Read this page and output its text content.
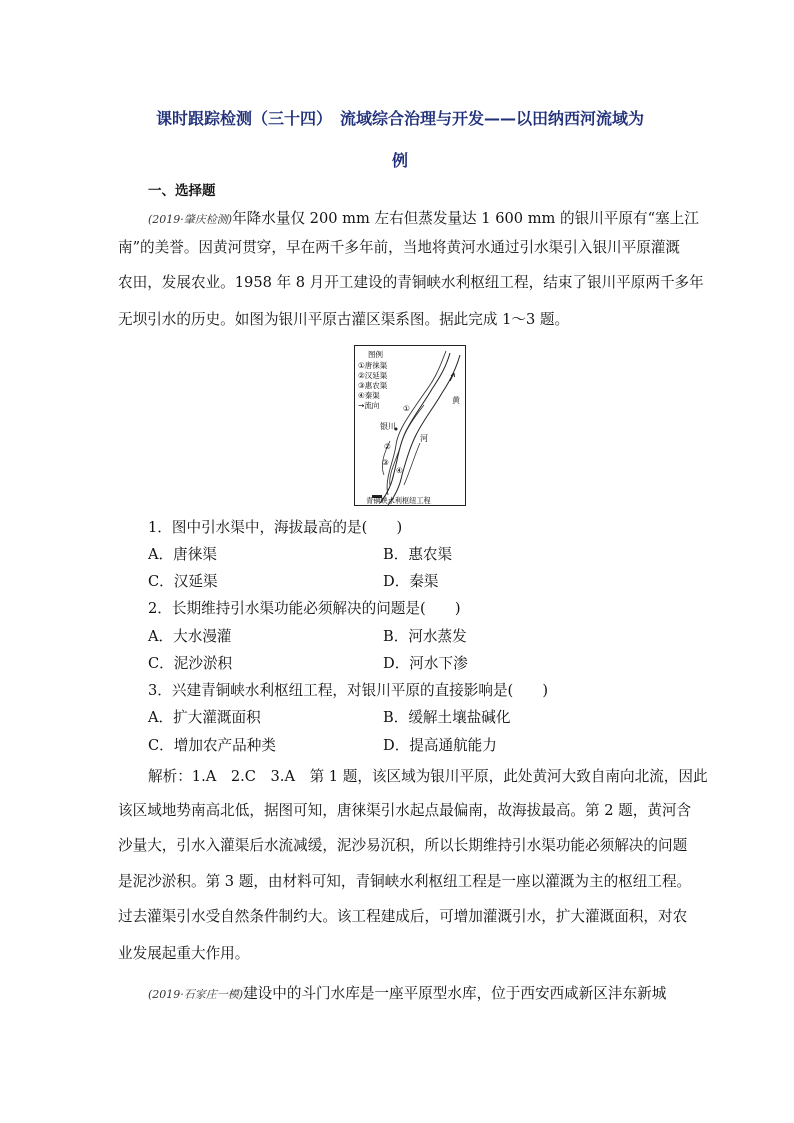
课时跟踪检测（三十四）　流域综合治理与开发——以田纳西河流域为
例
一、选择题
(2019·肇庆检测)年降水量仅 200 mm 左右但蒸发量达 1 600 mm 的银川平原有“塞上江
南”的美誉。因黄河贯穿，早在两千多年前，当地将黄河水通过引水渠引入银川平原灌溉
农田，发展农业。1958 年 8 月开工建设的青铜峡水利枢纽工程，结束了银川平原两千多年
无坝引水的历史。如图为银川平原古灌区渠系图。据此完成 1～3 题。
图例
①唐徕渠
②汉延渠
③惠农渠
④秦渠
→流向
黄
河
银川
①
②
③
④
青铜峡水利枢纽工程
1．图中引水渠中，海拔最高的是(　　)
A．唐徕渠	B．惠农渠
C．汉延渠	D．秦渠
2．长期维持引水渠功能必须解决的问题是(　　)
A．大水漫灌	B．河水蒸发
C．泥沙淤积	D．河水下渗
3．兴建青铜峡水利枢纽工程，对银川平原的直接影响是(　　)
A．扩大灌溉面积	B．缓解土壤盐碱化
C．增加农产品种类	D．提高通航能力
解析：1.A　2.C　3.A　第 1 题，该区域为银川平原，此处黄河大致自南向北流，因此
该区域地势南高北低，据图可知，唐徕渠引水起点最偏南，故海拔最高。第 2 题，黄河含
沙量大，引水入灌渠后水流减缓，泥沙易沉积，所以长期维持引水渠功能必须解决的问题
是泥沙淤积。第 3 题，由材料可知，青铜峡水利枢纽工程是一座以灌溉为主的枢纽工程。
过去灌渠引水受自然条件制约大。该工程建成后，可增加灌溉引水，扩大灌溉面积，对农
业发展起重大作用。
(2019·石家庄一模)建设中的斗门水库是一座平原型水库，位于西安西咸新区沣东新城
